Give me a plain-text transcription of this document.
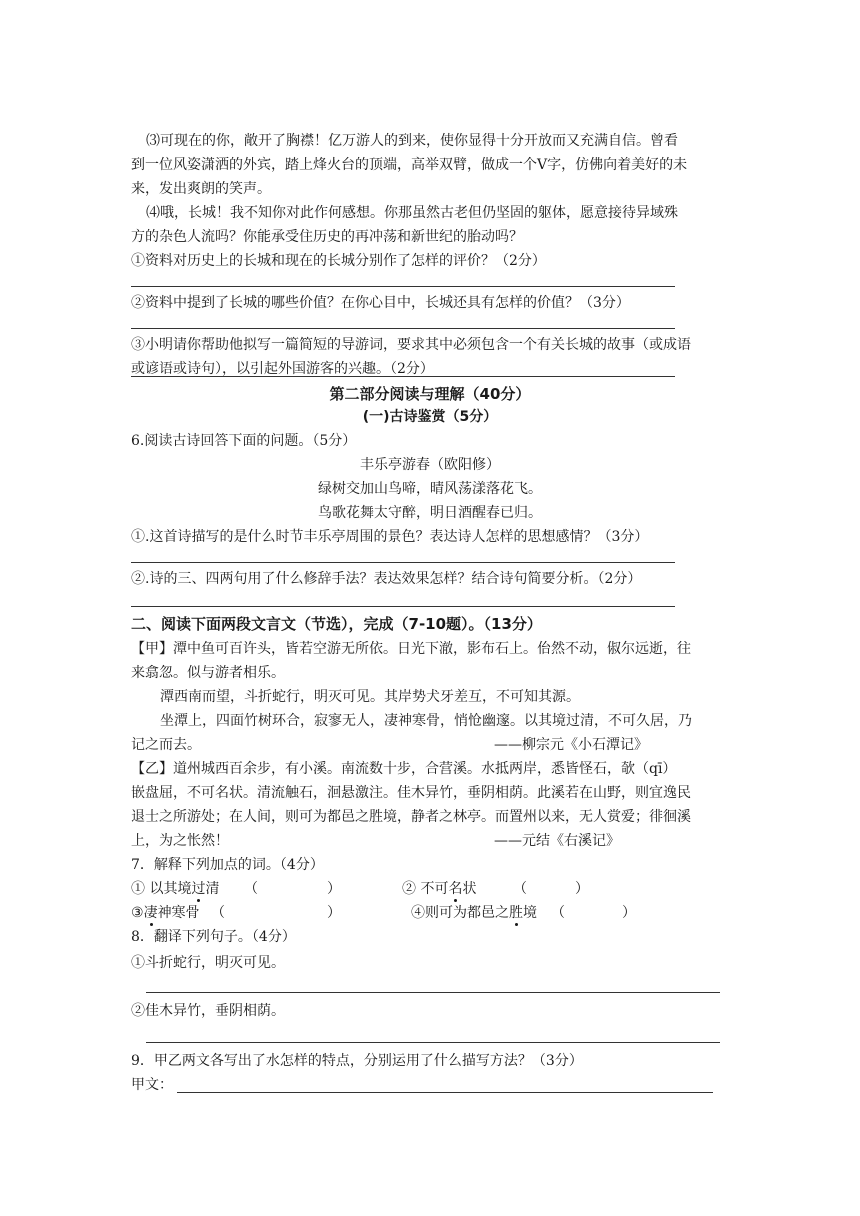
⑶可现在的你，敞开了胸襟！亿万游人的到来，使你显得十分开放而又充满自信。曾看
到一位风姿潇洒的外宾，踏上烽火台的顶端，高举双臂，做成一个V字，仿佛向着美好的未
来，发出爽朗的笑声。
⑷哦，长城！我不知你对此作何感想。你那虽然古老但仍坚固的躯体，愿意接待异域殊
方的杂色人流吗？你能承受住历史的再冲荡和新世纪的胎动吗？
①资料对历史上的长城和现在的长城分别作了怎样的评价？（2分）
②资料中提到了长城的哪些价值？在你心目中，长城还具有怎样的价值？（3分）
③小明请你帮助他拟写一篇简短的导游词，要求其中必须包含一个有关长城的故事（或成语
或谚语或诗句），以引起外国游客的兴趣。（2分）
第二部分阅读与理解（40分）
(一)古诗鉴赏（5分）
6.阅读古诗回答下面的问题。（5分）
丰乐亭游春（欧阳修）
绿树交加山鸟啼，晴风荡漾落花飞。
鸟歌花舞太守醉，明日酒醒春已归。
①.这首诗描写的是什么时节丰乐亭周围的景色？表达诗人怎样的思想感情？（3分）
②.诗的三、四两句用了什么修辞手法？表达效果怎样？结合诗句简要分析。（2分）
二、阅读下面两段文言文（节选），完成（7-10题）。（13分）
【甲】潭中鱼可百许头，皆若空游无所依。日光下澈，影布石上。佁然不动，俶尔远逝，往
来翕忽。似与游者相乐。
潭西南而望，斗折蛇行，明灭可见。其岸势犬牙差互，不可知其源。
坐潭上，四面竹树环合，寂寥无人，凄神寒骨，悄怆幽邃。以其境过清，不可久居，乃
记之而去。	——柳宗元《小石潭记》
【乙】道州城西百余步，有小溪。南流数十步，合营溪。水抵两岸，悉皆怪石，欹（qī）
嵌盘屈，不可名状。清流触石，洄悬激注。佳木异竹，垂阴相荫。此溪若在山野，则宜逸民
退士之所游处；在人间，则可为都邑之胜境，静者之林亭。而置州以来，无人赏爱；徘徊溪
上，为之怅然！	——元结《右溪记》
7．解释下列加点的词。（4分）
① 以其境过清 （	）	② 不可名状	（	）
③凄神寒骨 （	）	④则可为都邑之胜境 （	）
8．翻译下列句子。（4分）
①斗折蛇行，明灭可见。
②佳木异竹，垂阴相荫。
9．甲乙两文各写出了水怎样的特点，分别运用了什么描写方法？（3分）
甲文：
